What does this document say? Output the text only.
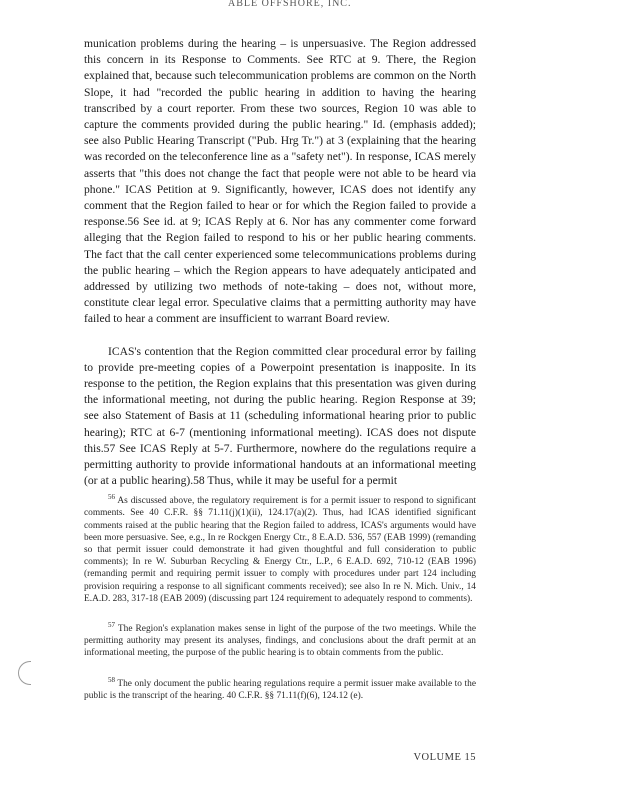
ABLE OFFSHORE, INC.

munication problems during the hearing – is unpersuasive. The Region addressed this concern in its Response to Comments. See RTC at 9. There, the Region explained that, because such telecommunication problems are common on the North Slope, it had "recorded the public hearing in addition to having the hearing transcribed by a court reporter. From these two sources, Region 10 was able to capture the comments provided during the public hearing." Id. (emphasis added); see also Public Hearing Transcript ("Pub. Hrg Tr.") at 3 (explaining that the hearing was recorded on the teleconference line as a "safety net"). In response, ICAS merely asserts that "this does not change the fact that people were not able to be heard via phone." ICAS Petition at 9. Significantly, however, ICAS does not identify any comment that the Region failed to hear or for which the Region failed to provide a response.56 See id. at 9; ICAS Reply at 6. Nor has any commenter come forward alleging that the Region failed to respond to his or her public hearing comments. The fact that the call center experienced some telecommunications problems during the public hearing – which the Region appears to have adequately anticipated and addressed by utilizing two methods of note-taking – does not, without more, constitute clear legal error. Speculative claims that a permitting authority may have failed to hear a comment are insufficient to warrant Board review.

ICAS's contention that the Region committed clear procedural error by failing to provide pre-meeting copies of a Powerpoint presentation is inapposite. In its response to the petition, the Region explains that this presentation was given during the informational meeting, not during the public hearing. Region Response at 39; see also Statement of Basis at 11 (scheduling informational hearing prior to public hearing); RTC at 6-7 (mentioning informational meeting). ICAS does not dispute this.57 See ICAS Reply at 5-7. Furthermore, nowhere do the regulations require a permitting authority to provide informational handouts at an informational meeting (or at a public hearing).58 Thus, while it may be useful for a permit

$^{56}$ As discussed above, the regulatory requirement is for a permit issuer to respond to significant comments. See 40 C.F.R. §§ 71.11(j)(1)(ii), 124.17(a)(2). Thus, had ICAS identified significant comments raised at the public hearing that the Region failed to address, ICAS's arguments would have been more persuasive. See, e.g., In re Rockgen Energy Ctr., 8 E.A.D. 536, 557 (EAB 1999) (remanding so that permit issuer could demonstrate it had given thoughtful and full consideration to public comments); In re W. Suburban Recycling & Energy Ctr., L.P., 6 E.A.D. 692, 710-12 (EAB 1996) (remanding permit and requiring permit issuer to comply with procedures under part 124 including provision requiring a response to all significant comments received); see also In re N. Mich. Univ., 14 E.A.D. 283, 317-18 (EAB 2009) (discussing part 124 requirement to adequately respond to comments).

$^{57}$ The Region's explanation makes sense in light of the purpose of the two meetings. While the permitting authority may present its analyses, findings, and conclusions about the draft permit at an informational meeting, the purpose of the public hearing is to obtain comments from the public.

$^{58}$ The only document the public hearing regulations require a permit issuer make available to the public is the transcript of the hearing. 40 C.F.R. §§ 71.11(f)(6), 124.12 (e).

VOLUME 15
